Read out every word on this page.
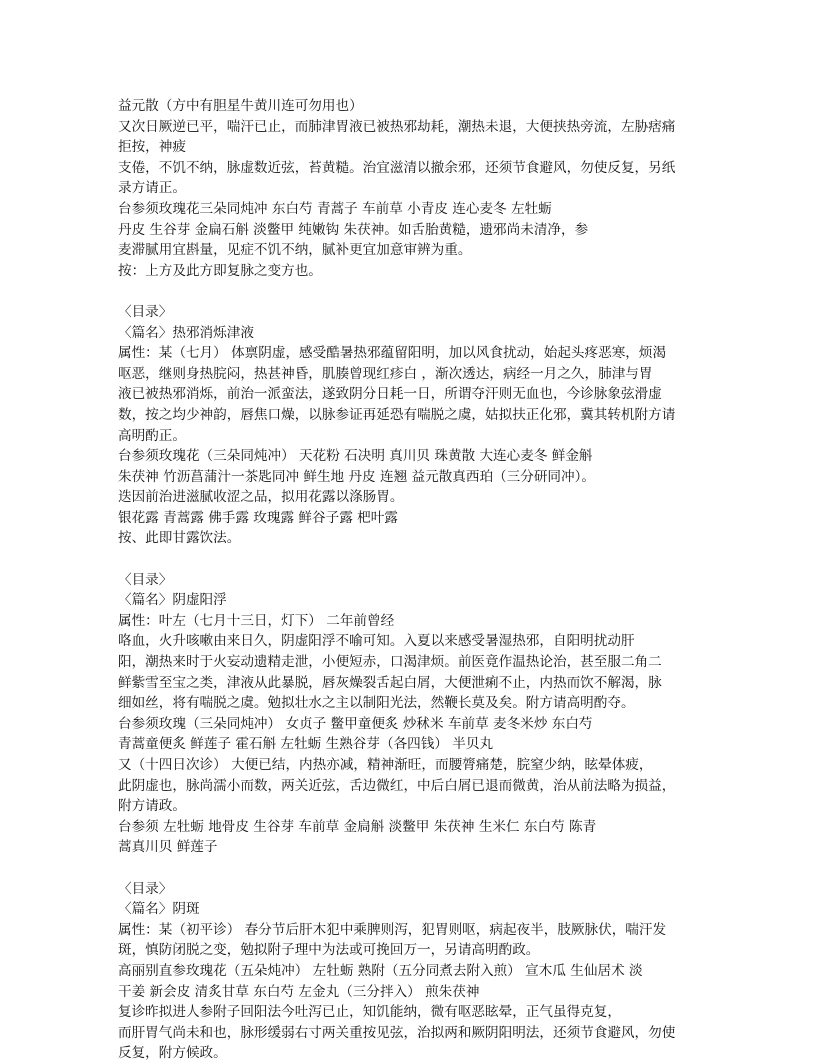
益元散（方中有胆星牛黄川连可勿用也）
又次日厥逆已平，喘汗已止，而肺津胃液已被热邪劫耗，潮热未退，大便挟热旁流，左胁痞痛
拒按，神疲
支倦，不饥不纳，脉虚数近弦，苔黄糙。治宜滋清以撤余邪，还须节食避风，勿使反复，另纸
录方请正。
台参须玫瑰花三朵同炖冲 东白芍 青蒿子 车前草 小青皮 连心麦冬 左牡蛎
丹皮 生谷芽 金扁石斛 淡鳖甲 纯嫩钩 朱茯神。如舌胎黄糙，遗邪尚未清净，参
麦滞腻用宜斟量，见症不饥不纳，腻补更宜加意审辨为重。
按：上方及此方即复脉之变方也。
〈目录〉
〈篇名〉热邪消烁津液
属性：某（七月） 体禀阴虚，感受酷暑热邪蕴留阳明，加以风食扰动，始起头疼恶寒，烦渴
呕恶，继则身热脘闷，热甚神昏，肌腠曾现红疹白 ，渐次透达，病经一月之久，肺津与胃
液已被热邪消烁，前治一派蛮法，遂致阴分日耗一日，所谓夺汗则无血也，今诊脉象弦滑虚
数，按之均少神韵，唇焦口燥，以脉参证再延恐有喘脱之虞，姑拟扶正化邪，冀其转机附方请
高明酌正。
台参须玫瑰花（三朵同炖冲） 天花粉 石决明 真川贝 珠黄散 大连心麦冬 鲜金斛
朱茯神 竹沥菖蒲汁一茶匙同冲 鲜生地 丹皮 连翘 益元散真西珀（三分研同冲）。
迭因前治进滋腻收涩之品，拟用花露以涤肠胃。
银花露 青蒿露 佛手露 玫瑰露 鲜谷子露 杷叶露
按、此即甘露饮法。
〈目录〉
〈篇名〉阴虚阳浮
属性：叶左（七月十三日，灯下） 二年前曾经
咯血，火升咳嗽由来日久，阴虚阳浮不喻可知。入夏以来感受暑湿热邪，自阳明扰动肝
阳，潮热来时于火妄动遗精走泄，小便短赤，口渴津烦。前医竟作温热论治，甚至服二角二
鲜紫雪至宝之类，津液从此暴脱，唇灰燥裂舌起白屑，大便泄痢不止，内热而饮不解渴，脉
细如丝，将有喘脱之虞。勉拟壮水之主以制阳光法，然鞭长莫及矣。附方请高明酌夺。
台参须玫瑰（三朵同炖冲） 女贞子 鳖甲童便炙 炒秫米 车前草 麦冬米炒 东白芍
青蒿童便炙 鲜莲子 霍石斛 左牡蛎 生熟谷芽（各四钱） 半贝丸
又（十四日次诊） 大便已结，内热亦减，精神渐旺，而腰膂痛楚，脘窒少纳，眩晕体疲，
此阴虚也，脉尚濡小而数，两关近弦，舌边微红，中后白屑已退而微黄，治从前法略为损益，
附方请政。
台参须 左牡蛎 地骨皮 生谷芽 车前草 金扃斛 淡鳖甲 朱茯神 生米仁 东白芍 陈青
蒿真川贝 鲜莲子
〈目录〉
〈篇名〉阴斑
属性：某（初平诊） 春分节后肝木犯中乘脾则泻，犯胃则呕，病起夜半，肢厥脉伏，喘汗发
斑，慎防闭脱之变，勉拟附子理中为法或可挽回万一，另请高明酌政。
高丽别直参玫瑰花（五朵炖冲） 左牡蛎 熟附（五分同煮去附入煎） 宣木瓜 生仙居术 淡
干姜 新会皮 清炙甘草 东白芍 左金丸（三分拌入） 煎朱茯神
复诊昨拟进人参附子回阳法今吐泻已止，知饥能纳，微有呕恶眩晕，正气虽得克复，
而肝胃气尚未和也，脉形缓弱右寸两关重按见弦，治拟两和厥阴阳明法，还须节食避风，勿使
反复，附方候政。
